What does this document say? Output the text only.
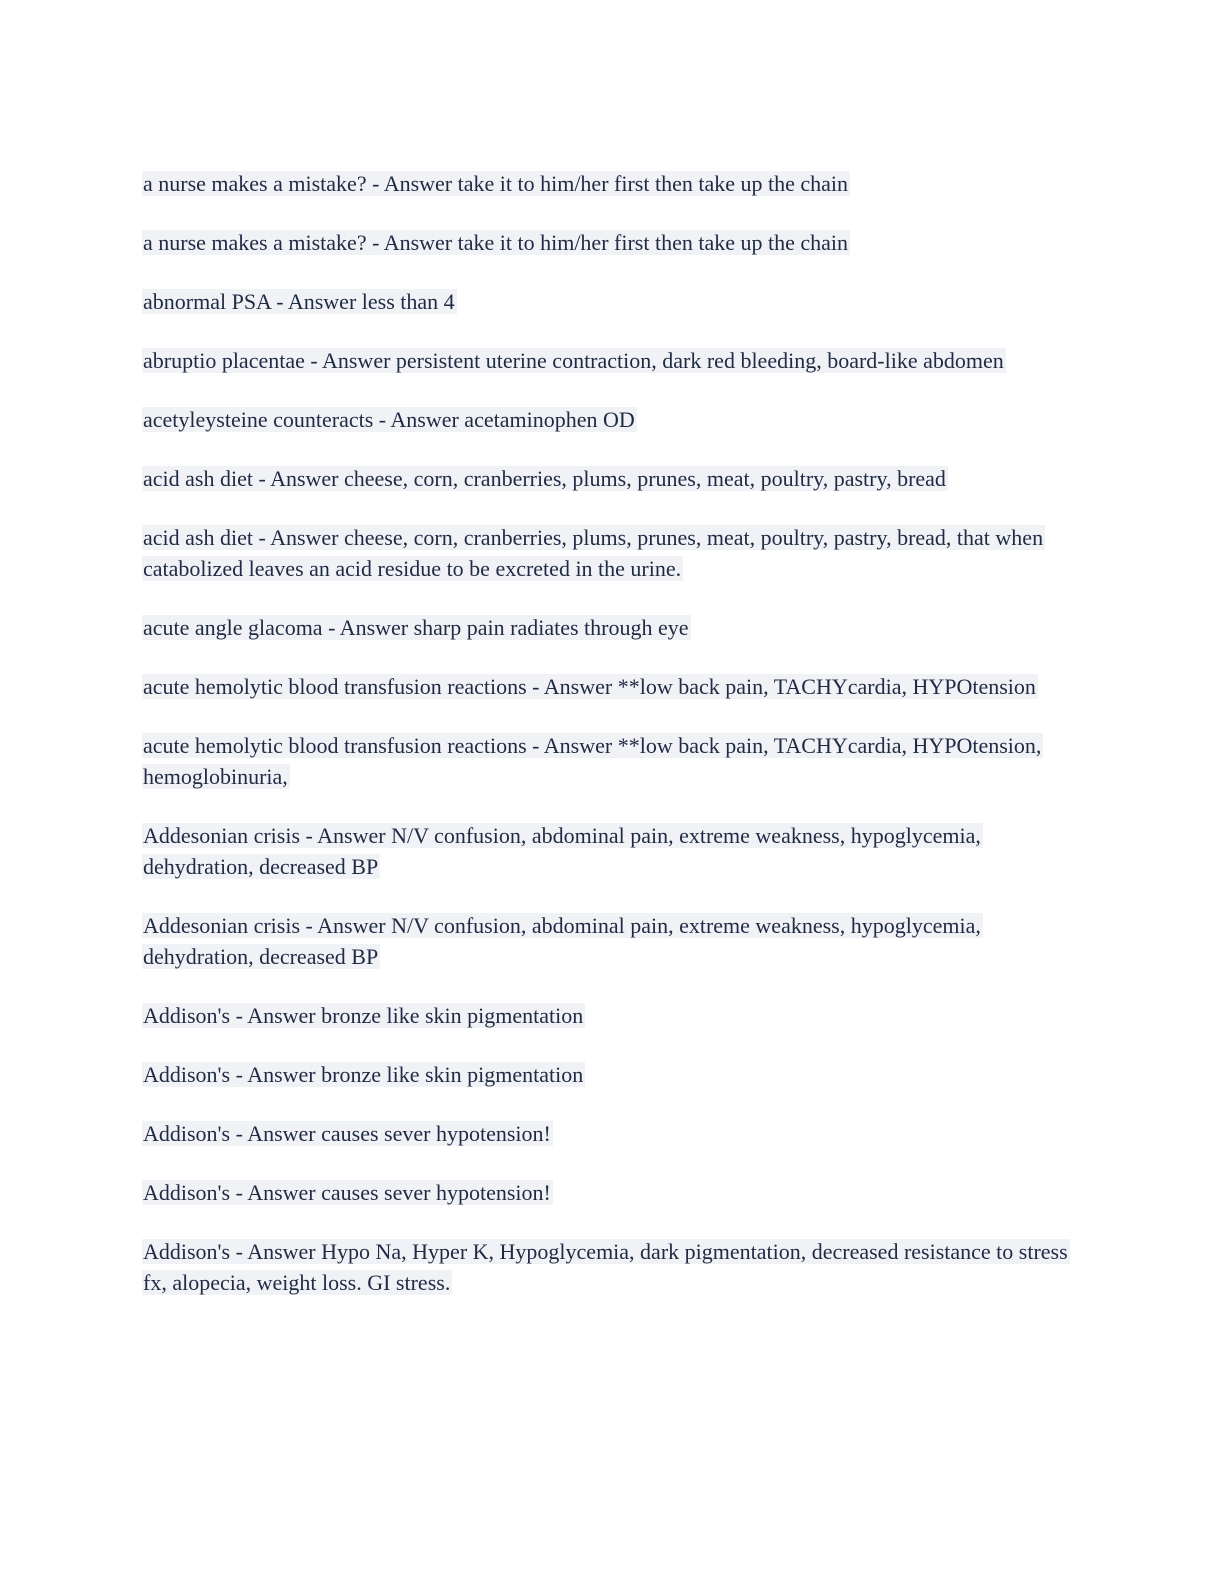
a nurse makes a mistake? - Answer take it to him/her first then take up the chain

a nurse makes a mistake? - Answer take it to him/her first then take up the chain

abnormal PSA - Answer less than 4

abruptio placentae - Answer persistent uterine contraction, dark red bleeding, board-like abdomen

acetyleysteine counteracts - Answer acetaminophen OD

acid ash diet - Answer cheese, corn, cranberries, plums, prunes, meat, poultry, pastry, bread

acid ash diet - Answer cheese, corn, cranberries, plums, prunes, meat, poultry, pastry, bread, that when catabolized leaves an acid residue to be excreted in the urine.

acute angle glacoma - Answer sharp pain radiates through eye

acute hemolytic blood transfusion reactions - Answer **low back pain, TACHYcardia, HYPOtension

acute hemolytic blood transfusion reactions - Answer **low back pain, TACHYcardia, HYPOtension, hemoglobinuria,

Addesonian crisis - Answer N/V confusion, abdominal pain, extreme weakness, hypoglycemia, dehydration, decreased BP

Addesonian crisis - Answer N/V confusion, abdominal pain, extreme weakness, hypoglycemia, dehydration, decreased BP

Addison's - Answer bronze like skin pigmentation

Addison's - Answer bronze like skin pigmentation

Addison's - Answer causes sever hypotension!

Addison's - Answer causes sever hypotension!

Addison's - Answer Hypo Na, Hyper K, Hypoglycemia, dark pigmentation, decreased resistance to stress fx, alopecia, weight loss. GI stress.
